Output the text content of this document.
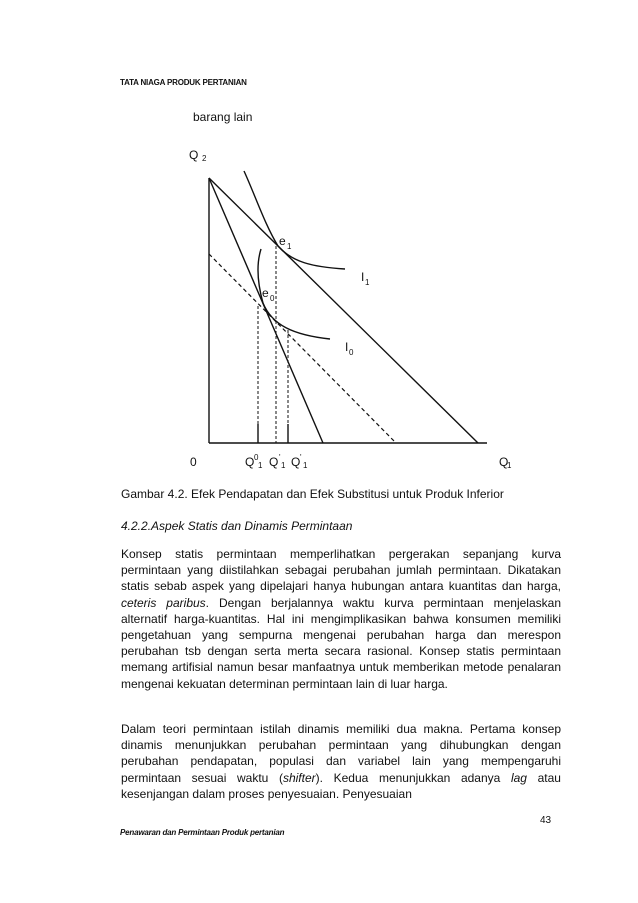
TATA NIAGA PRODUK PERTANIAN
barang lain
Q 2
e 1
e 0
I 1
I 0
0	Q 0
1 Q '
1 Q '
1	Q
1
Gambar 4.2. Efek Pendapatan dan Efek Substitusi untuk Produk Inferior
4.2.2.Aspek Statis dan Dinamis Permintaan

Konsep statis permintaan memperlihatkan pergerakan sepanjang kurva permintaan yang diistilahkan sebagai perubahan jumlah permintaan. Dikatakan statis sebab aspek yang dipelajari hanya hubungan antara kuantitas dan harga, ceteris paribus. Dengan berjalannya waktu kurva permintaan menjelaskan alternatif harga-kuantitas. Hal ini mengimplikasikan bahwa konsumen memiliki pengetahuan yang sempurna mengenai perubahan harga dan merespon perubahan tsb dengan serta merta secara rasional. Konsep statis permintaan memang artifisial namun besar manfaatnya untuk memberikan metode penalaran mengenai kekuatan determinan permintaan lain di luar harga.

Dalam teori permintaan istilah dinamis memiliki dua makna. Pertama konsep dinamis menunjukkan perubahan permintaan yang dihubungkan dengan perubahan pendapatan, populasi dan variabel lain yang mempengaruhi permintaan sesuai waktu (shifter). Kedua menunjukkan adanya lag atau kesenjangan dalam proses penyesuaian. Penyesuaian

43
Penawaran dan Permintaan Produk pertanian
